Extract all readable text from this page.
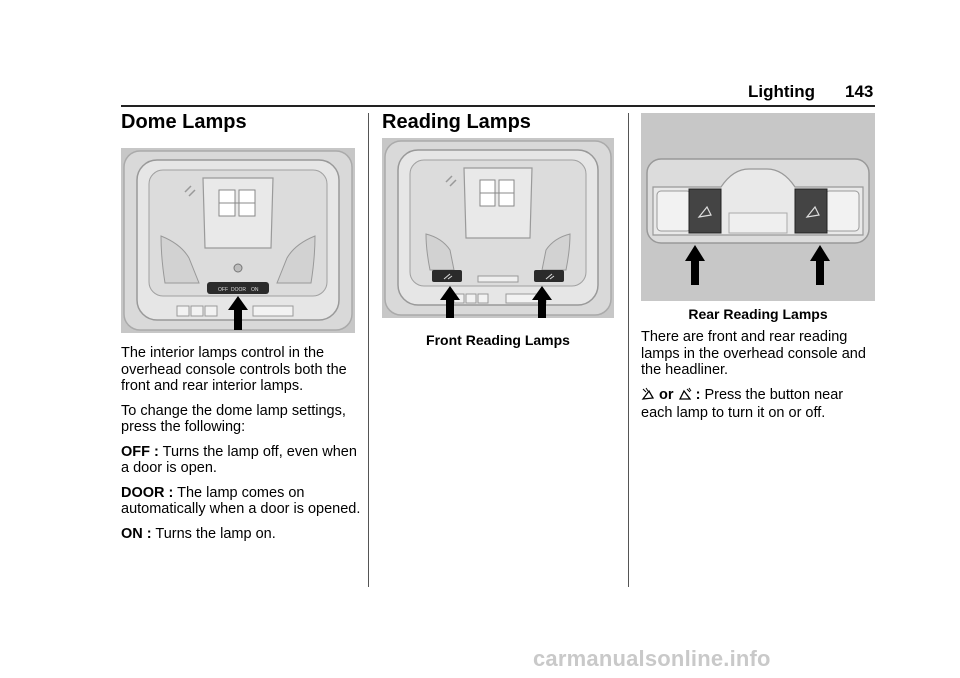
Lighting 143
Dome Lamps
OFF DOOR ON

The interior lamps control in the overhead console controls both the front and rear interior lamps.

To change the dome lamp settings, press the following:

OFF : Turns the lamp off, even when a door is open.

DOOR : The lamp comes on automatically when a door is opened.

ON : Turns the lamp on.

Reading Lamps
Front Reading Lamps
Rear Reading Lamps

There are front and rear reading lamps in the overhead console and the headliner.

or : Press the button near each lamp to turn it on or off.

carmanualsonline.info
